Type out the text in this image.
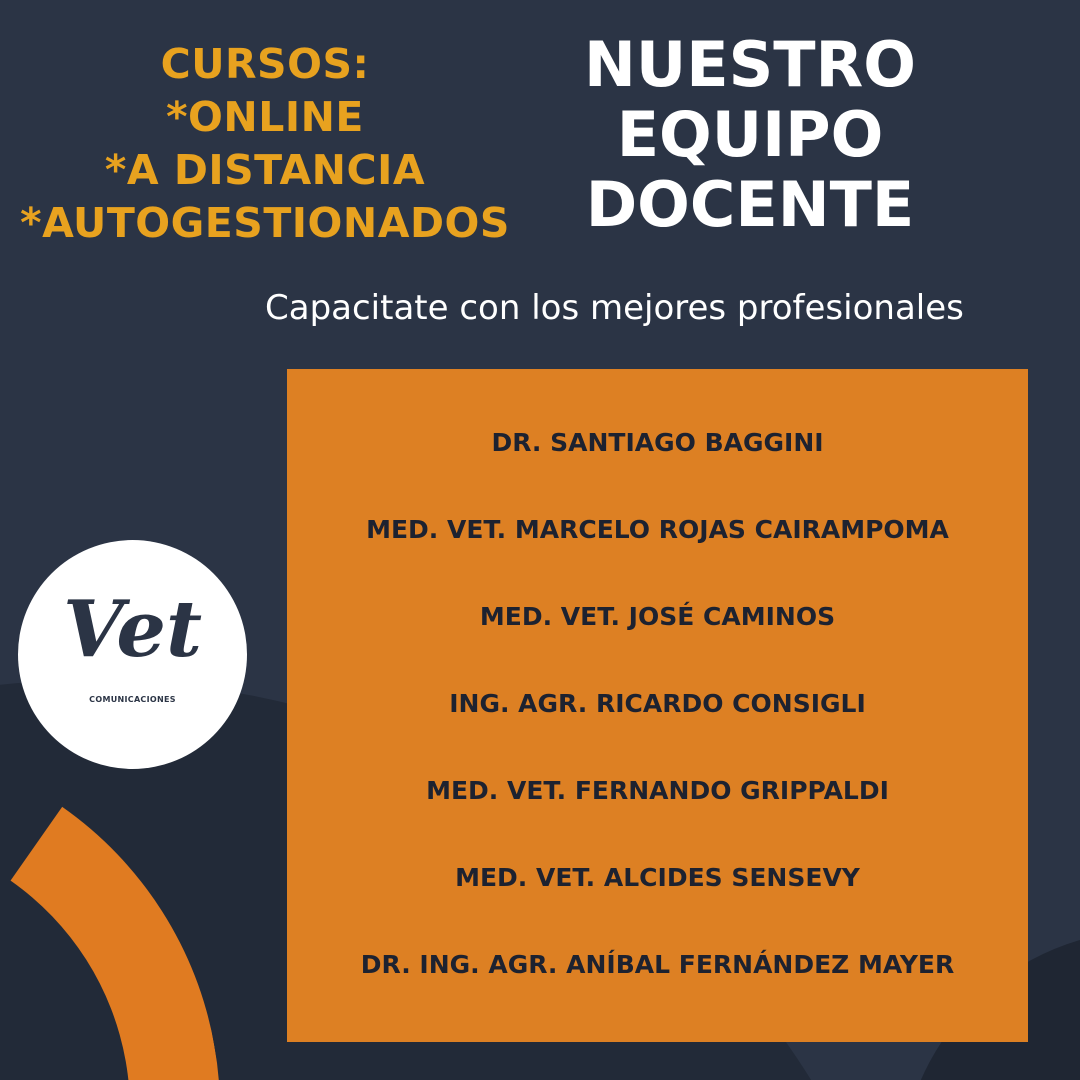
CURSOS:
*ONLINE
*A DISTANCIA
*AUTOGESTIONADOS
NUESTRO
EQUIPO
DOCENTE
Capacitate con los mejores profesionales
DR. SANTIAGO BAGGINI
MED. VET. MARCELO ROJAS CAIRAMPOMA
MED. VET. JOSÉ CAMINOS
ING. AGR. RICARDO CONSIGLI
MED. VET. FERNANDO GRIPPALDI
MED. VET. ALCIDES SENSEVY
DR. ING. AGR. ANÍBAL FERNÁNDEZ MAYER
Vet
COMUNICACIONES
